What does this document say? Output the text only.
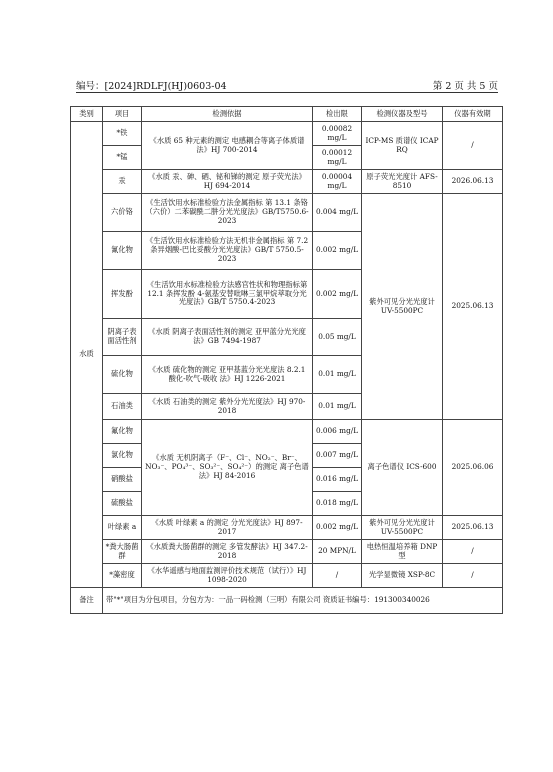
编号：[2024]RDLFJ(HJ)0603-04	第 2 页 共 5 页
类别	项目	检测依据	检出限	检测仪器及型号	仪器有效期
水质	*铁	《水质 65 种元素的测定 电感耦合等离子体质谱法》HJ 700-2014	0.00082 mg/L	ICP-MS 质谱仪 ICAP RQ	/
	*锰		0.00012 mg/L		
	汞	《水质 汞、砷、硒、铋和锑的测定 原子荧光法》HJ 694-2014	0.00004 mg/L	原子荧光光度计 AFS-8510	2026.06.13
	六价铬	《生活饮用水标准检验方法金属指标 第 13.1 条铬（六价）二苯碳酰二肼分光光度法》GB/T5750.6-2023	0.004 mg/L	紫外可见分光光度计 UV-5500PC	2025.06.13
	氰化物	《生活饮用水标准检验方法无机非金属指标 第 7.2 条异烟酸-巴比妥酸分光光度法》GB/T 5750.5-2023	0.002 mg/L		
	挥发酚	《生活饮用水标准检验方法感官性状和物理指标第 12.1 条挥发酚 4-氨基安替吡啉三氯甲烷萃取分光光度法》GB/T 5750.4-2023	0.002 mg/L		
	阴离子表面活性剂	《水质 阴离子表面活性剂的测定 亚甲蓝分光光度法》GB 7494-1987	0.05 mg/L		
	硫化物	《水质 硫化物的测定 亚甲基蓝分光光度法 8.2.1 酸化-吹气-吸收 法》HJ 1226-2021	0.01 mg/L		
	石油类	《水质 石油类的测定 紫外分光光度法》HJ 970-2018	0.01 mg/L		
	氟化物	《水质 无机阴离子（F⁻、Cl⁻、NO₂⁻、Br⁻、NO₃⁻、PO₄³⁻、SO₃²⁻、SO₄²⁻）的测定 离子色谱法》HJ 84-2016	0.006 mg/L	离子色谱仪 ICS-600	2025.06.06
	氯化物		0.007 mg/L		
	硝酸盐		0.016 mg/L		
	硫酸盐		0.018 mg/L		
	叶绿素 a	《水质 叶绿素 a 的测定 分光光度法》HJ 897-2017	0.002 mg/L	紫外可见分光光度计 UV-5500PC	2025.06.13
	*粪大肠菌群	《水质粪大肠菌群的测定 多管发酵法》HJ 347.2-2018	20 MPN/L	电热恒温培养箱 DNP 型	/
	*藻密度	《水华遥感与地面监测评价技术规范（试行）》HJ 1098-2020	/	光学显微镜 XSP-8C	/
备注	带"*"项目为分包项目，分包方为：一品一码检测（三明）有限公司 资质证书编号：191300340026				
